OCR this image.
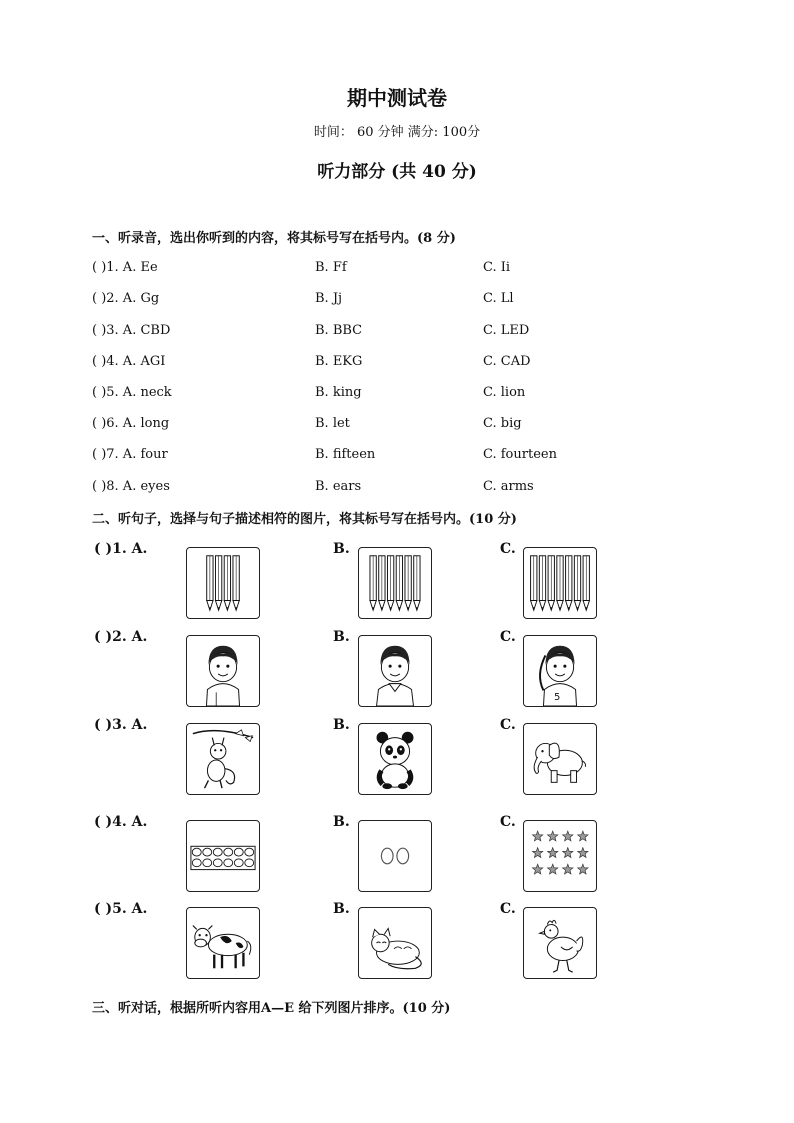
期中测试卷
时间： 60 分钟 满分: 100分
听力部分 (共 40 分)
一、听录音，选出你听到的内容，将其标号写在括号内。(8 分)
( )1. A. Ee	B. Ff	C. Ii
( )2. A. Gg	B. Jj	C. Ll
( )3. A. CBD	B. BBC	C. LED
( )4. A. AGI	B. EKG	C. CAD
( )5. A. neck	B. king	C. lion
( )6. A. long	B. let	C. big
( )7. A. four	B. fifteen	C. fourteen
( )8. A. eyes	B. ears	C. arms
二、听句子，选择与句子描述相符的图片，将其标号写在括号内。(10 分)
( )1. A.	B.	C.
( )2. A.	B.	C.
5
( )3. A.	B.	C.
( )4. A.	B.	C.
( )5. A.	B.	C.
三、听对话，根据所听内容用A—E 给下列图片排序。(10 分)
